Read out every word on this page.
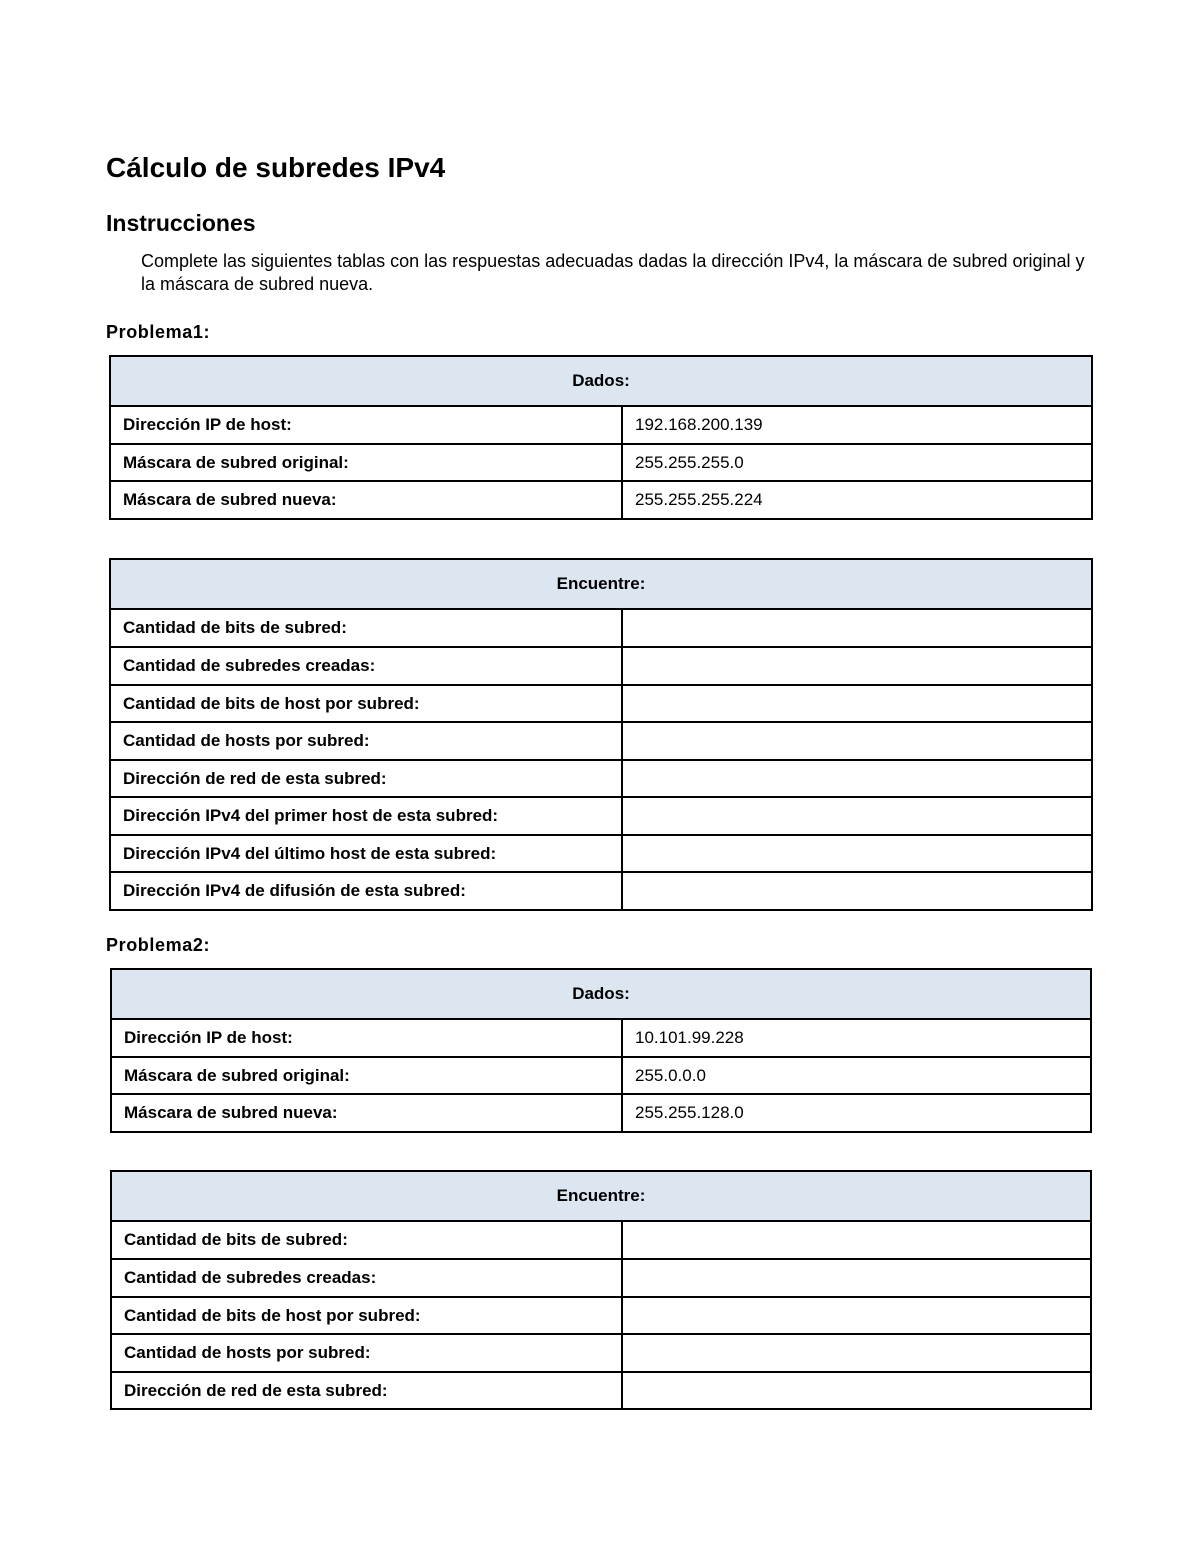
Cálculo de subredes IPv4
Instrucciones

Complete las siguientes tablas con las respuestas adecuadas dadas la dirección IPv4, la máscara de subred original y la máscara de subred nueva.

Problema1:
Dados:	
Dirección IP de host:	192.168.200.139
Máscara de subred original:	255.255.255.0
Máscara de subred nueva:	255.255.255.224
Encuentre:	
Cantidad de bits de subred:	
Cantidad de subredes creadas:	
Cantidad de bits de host por subred:	
Cantidad de hosts por subred:	
Dirección de red de esta subred:	
Dirección IPv4 del primer host de esta subred:	
Dirección IPv4 del último host de esta subred:	
Dirección IPv4 de difusión de esta subred:	
Problema2:
Dados:	
Dirección IP de host:	10.101.99.228
Máscara de subred original:	255.0.0.0
Máscara de subred nueva:	255.255.128.0
Encuentre:	
Cantidad de bits de subred:	
Cantidad de subredes creadas:	
Cantidad de bits de host por subred:	
Cantidad de hosts por subred:	
Dirección de red de esta subred:	
